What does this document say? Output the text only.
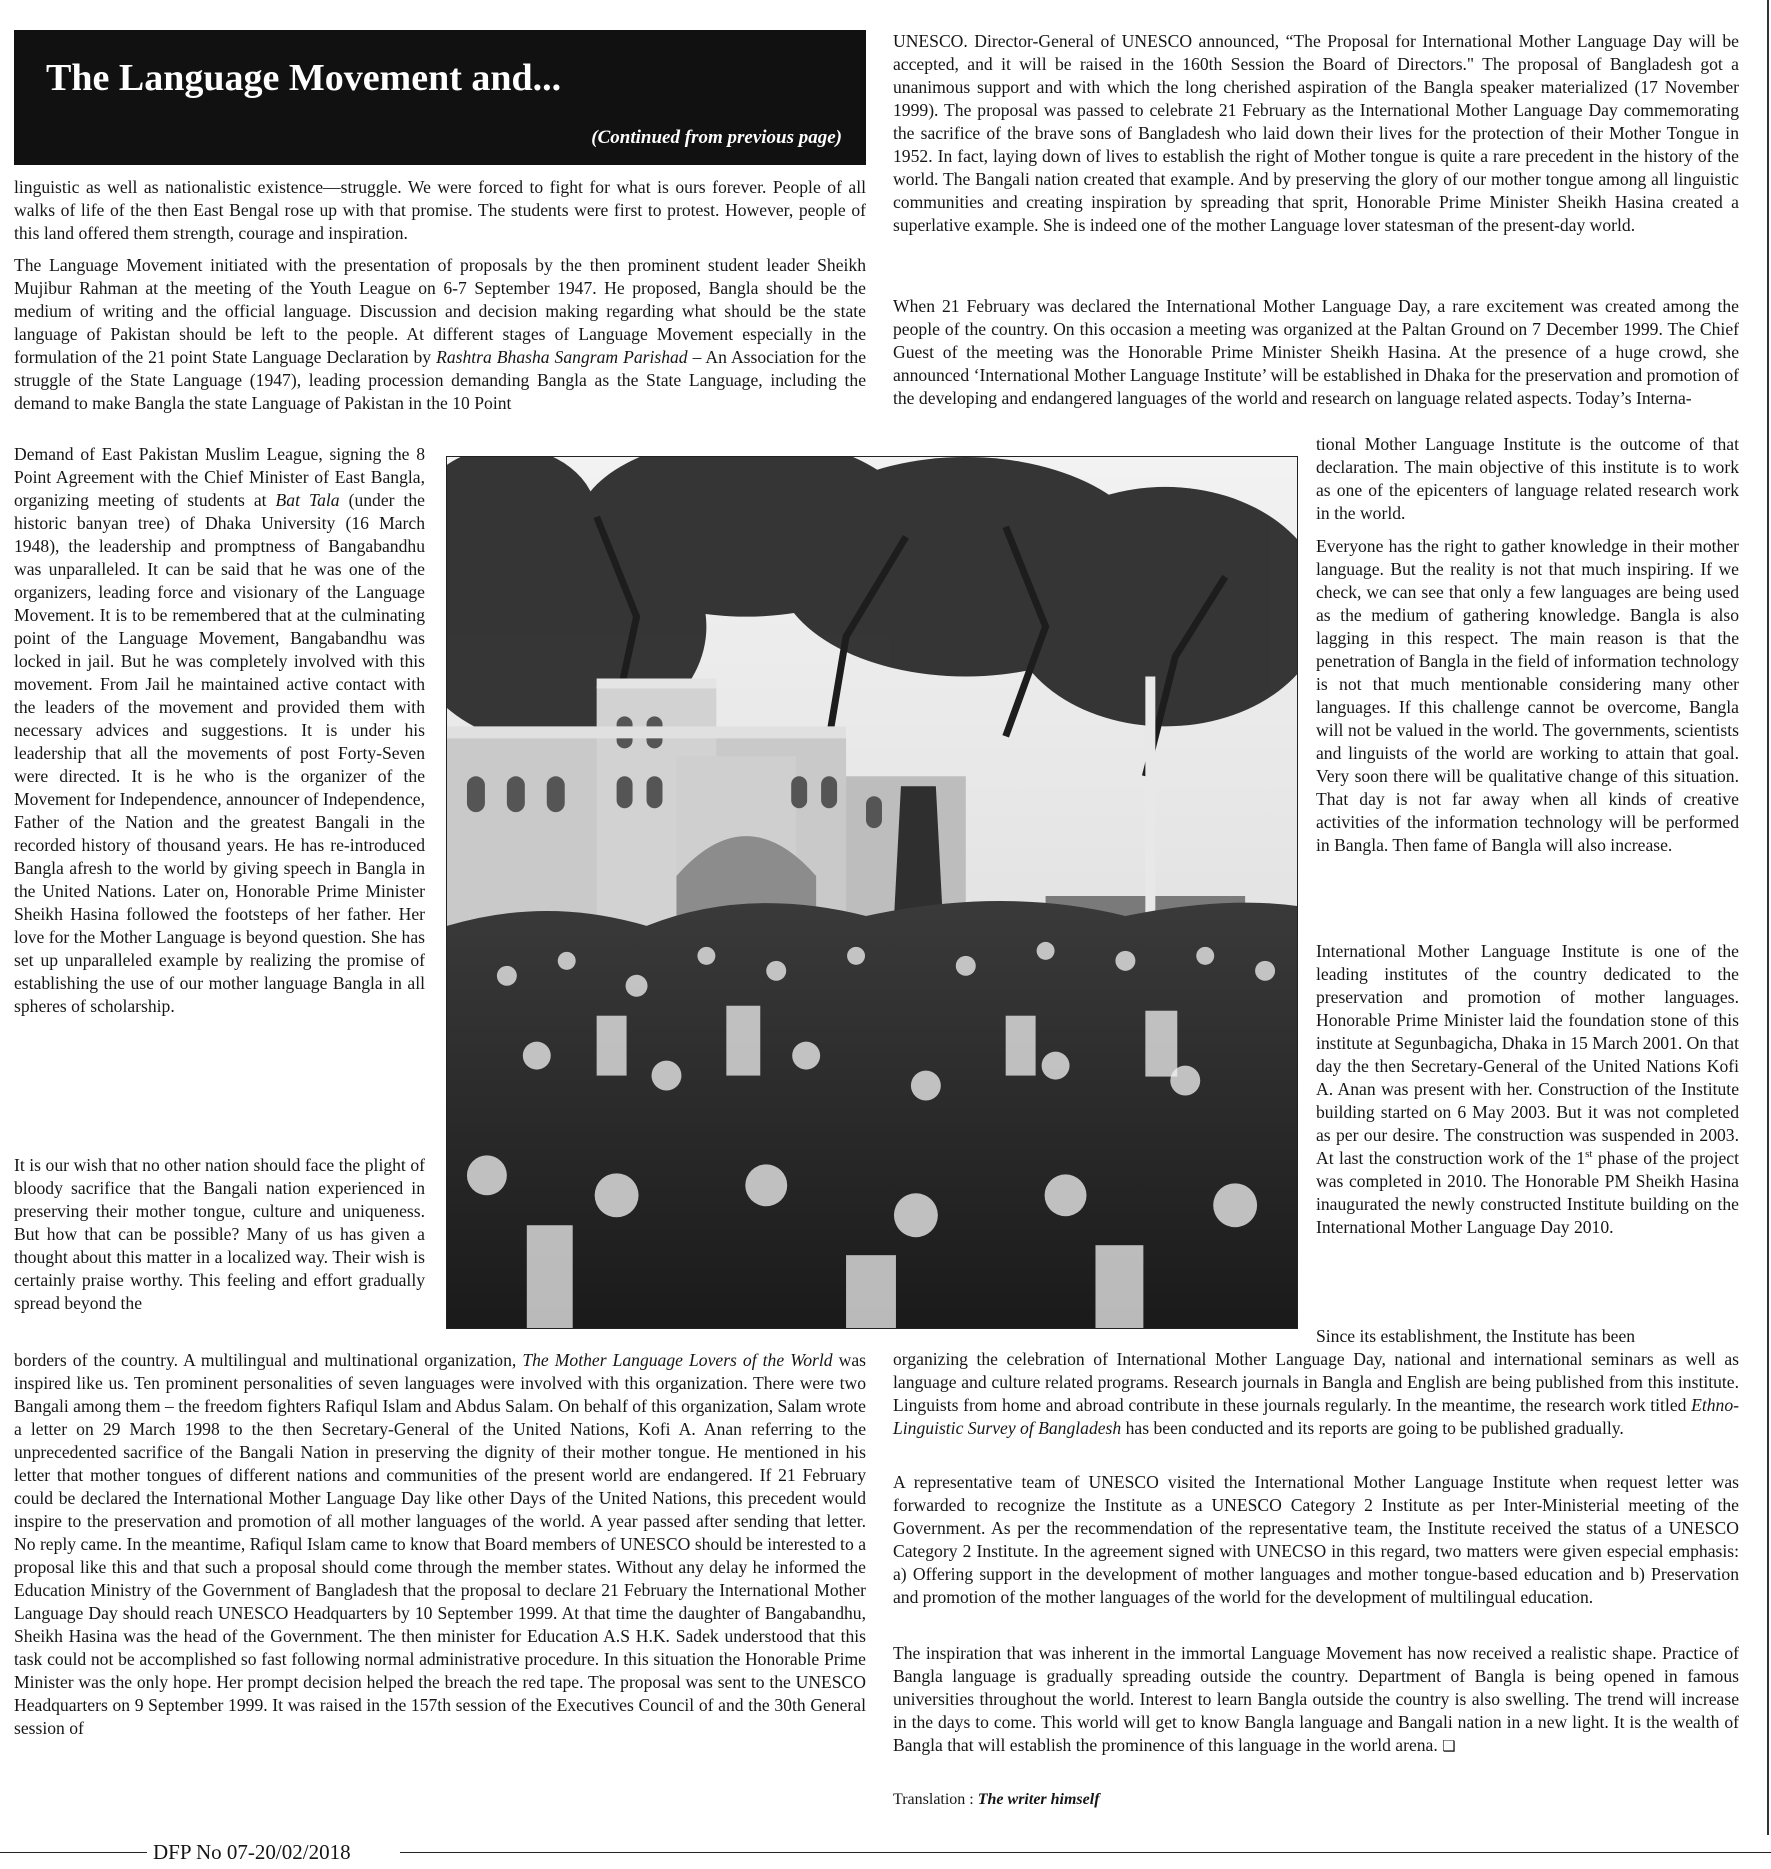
The Language Movement and...

(Continued from previous page)

linguistic as well as nationalistic existence—struggle. We were forced to fight for what is ours forever. People of all walks of life of the then East Bengal rose up with that promise. The students were first to protest. However, people of this land offered them strength, courage and inspiration.

The Language Movement initiated with the presentation of proposals by the then prominent student leader Sheikh Mujibur Rahman at the meeting of the Youth League on 6-7 September 1947. He proposed, Bangla should be the medium of writing and the official language. Discussion and decision making regarding what should be the state language of Pakistan should be left to the people. At different stages of Language Movement especially in the formulation of the 21 point State Language Declaration by Rashtra Bhasha Sangram Parishad – An Association for the struggle of the State Language (1947), leading procession demanding Bangla as the State Language, including the demand to make Bangla the state Language of Pakistan in the 10 Point

Demand of East Pakistan Muslim League, signing the 8 Point Agreement with the Chief Minister of East Bangla, organizing meeting of students at Bat Tala (under the historic banyan tree) of Dhaka University (16 March 1948), the leadership and promptness of Bangabandhu was unparalleled. It can be said that he was one of the organizers, leading force and visionary of the Language Movement. It is to be remembered that at the culminating point of the Language Movement, Bangabandhu was locked in jail. But he was completely involved with this movement. From Jail he maintained active contact with the leaders of the movement and provided them with necessary advices and suggestions. It is under his leadership that all the movements of post Forty-Seven were directed. It is he who is the organizer of the Movement for Independence, announcer of Independence, Father of the Nation and the greatest Bangali in the recorded history of thousand years. He has re-introduced Bangla afresh to the world by giving speech in Bangla in the United Nations. Later on, Honorable Prime Minister Sheikh Hasina followed the footsteps of her father. Her love for the Mother Language is beyond question. She has set up unparalleled example by realizing the promise of establishing the use of our mother language Bangla in all spheres of scholarship.

It is our wish that no other nation should face the plight of bloody sacrifice that the Bangali nation experienced in preserving their mother tongue, culture and uniqueness. But how that can be possible? Many of us has given a thought about this matter in a localized way. Their wish is certainly praise worthy. This feeling and effort gradually spread beyond the

borders of the country. A multilingual and multinational organization, The Mother Language Lovers of the World was inspired like us. Ten prominent personalities of seven languages were involved with this organization. There were two Bangali among them – the freedom fighters Rafiqul Islam and Abdus Salam. On behalf of this organization, Salam wrote a letter on 29 March 1998 to the then Secretary-General of the United Nations, Kofi A. Anan referring to the unprecedented sacrifice of the Bangali Nation in preserving the dignity of their mother tongue. He mentioned in his letter that mother tongues of different nations and communities of the present world are endangered. If 21 February could be declared the International Mother Language Day like other Days of the United Nations, this precedent would inspire to the preservation and promotion of all mother languages of the world. A year passed after sending that letter. No reply came. In the meantime, Rafiqul Islam came to know that Board members of UNESCO should be interested to a proposal like this and that such a proposal should come through the member states. Without any delay he informed the Education Ministry of the Government of Bangladesh that the proposal to declare 21 February the International Mother Language Day should reach UNESCO Headquarters by 10 September 1999. At that time the daughter of Bangabandhu, Sheikh Hasina was the head of the Government. The then minister for Education A.S H.K. Sadek understood that this task could not be accomplished so fast following normal administrative procedure. In this situation the Honorable Prime Minister was the only hope. Her prompt decision helped the breach the red tape. The proposal was sent to the UNESCO Headquarters on 9 September 1999. It was raised in the 157th session of the Executives Council of and the 30th General session of

UNESCO. Director-General of UNESCO announced, “The Proposal for International Mother Language Day will be accepted, and it will be raised in the 160th Session the Board of Directors." The proposal of Bangladesh got a unanimous support and with which the long cherished aspiration of the Bangla speaker materialized (17 November 1999). The proposal was passed to celebrate 21 February as the International Mother Language Day commemorating the sacrifice of the brave sons of Bangladesh who laid down their lives for the protection of their Mother Tongue in 1952. In fact, laying down of lives to establish the right of Mother tongue is quite a rare precedent in the history of the world. The Bangali nation created that example. And by preserving the glory of our mother tongue among all linguistic communities and creating inspiration by spreading that sprit, Honorable Prime Minister Sheikh Hasina created a superlative example. She is indeed one of the mother Language lover statesman of the present-day world.

When 21 February was declared the International Mother Language Day, a rare excitement was created among the people of the country. On this occasion a meeting was organized at the Paltan Ground on 7 December 1999. The Chief Guest of the meeting was the Honorable Prime Minister Sheikh Hasina. At the presence of a huge crowd, she announced ‘International Mother Language Institute’ will be established in Dhaka for the preservation and promotion of the developing and endangered languages of the world and research on language related aspects. Today’s Interna-

tional Mother Language Institute is the outcome of that declaration. The main objective of this institute is to work as one of the epicenters of language related research work in the world.

Everyone has the right to gather knowledge in their mother language. But the reality is not that much inspiring. If we check, we can see that only a few languages are being used as the medium of gathering knowledge. Bangla is also lagging in this respect. The main reason is that the penetration of Bangla in the field of information technology is not that much mentionable considering many other languages. If this challenge cannot be overcome, Bangla will not be valued in the world. The governments, scientists and linguists of the world are working to attain that goal. Very soon there will be qualitative change of this situation. That day is not far away when all kinds of creative activities of the information technology will be performed in Bangla. Then fame of Bangla will also increase.

International Mother Language Institute is one of the leading institutes of the country dedicated to the preservation and promotion of mother languages. Honorable Prime Minister laid the foundation stone of this institute at Segunbagicha, Dhaka in 15 March 2001. On that day the then Secretary-General of the United Nations Kofi A. Anan was present with her. Construction of the Institute building started on 6 May 2003. But it was not completed as per our desire. The construction was suspended in 2003. At last the construction work of the 1st phase of the project was completed in 2010. The Honorable PM Sheikh Hasina inaugurated the newly constructed Institute building on the International Mother Language Day 2010.

Since its establishment, the Institute has been

organizing the celebration of International Mother Language Day, national and international seminars as well as language and culture related programs. Research journals in Bangla and English are being published from this institute. Linguists from home and abroad contribute in these journals regularly. In the meantime, the research work titled Ethno-Linguistic Survey of Bangladesh has been conducted and its reports are going to be published gradually.

A representative team of UNESCO visited the International Mother Language Institute when request letter was forwarded to recognize the Institute as a UNESCO Category 2 Institute as per Inter-Ministerial meeting of the Government. As per the recommendation of the representative team, the Institute received the status of a UNESCO Category 2 Institute. In the agreement signed with UNECSO in this regard, two matters were given especial emphasis: a) Offering support in the development of mother languages and mother tongue-based education and b) Preservation and promotion of the mother languages of the world for the development of multilingual education.

The inspiration that was inherent in the immortal Language Movement has now received a realistic shape. Practice of Bangla language is gradually spreading outside the country. Department of Bangla is being opened in famous universities throughout the world. Interest to learn Bangla outside the country is also swelling. The trend will increase in the days to come. This world will get to know Bangla language and Bangali nation in a new light. It is the wealth of Bangla that will establish the prominence of this language in the world arena. ❏

Translation : The writer himself

DFP No 07-20/02/2018
